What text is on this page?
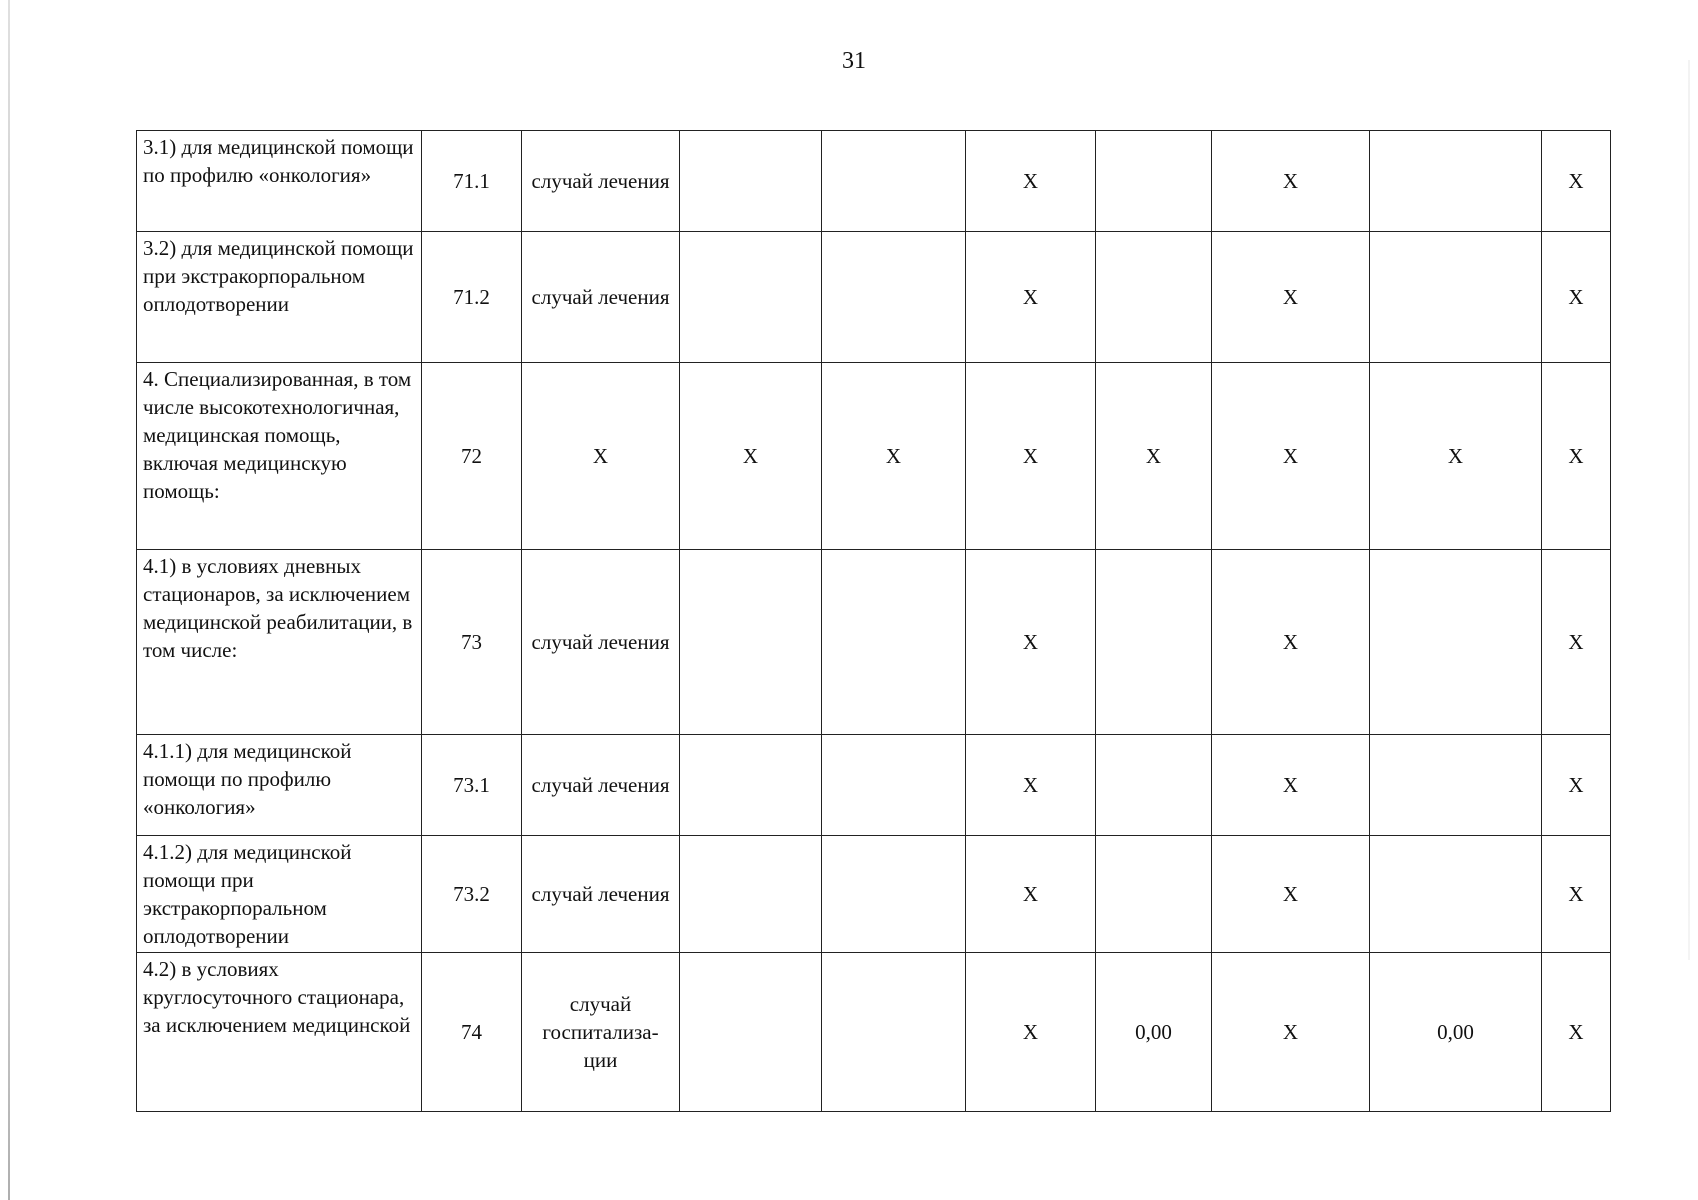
31
3.1) для медицинской помощи по профилю «онкология»	71.1	случай лечения			Х		Х		Х
3.2) для медицинской помощи при экстракорпоральном оплодотворении	71.2	случай лечения			Х		Х		Х
4. Специализированная, в том числе высокотехнологичная, медицинская помощь, включая медицинскую помощь:	72	Х	Х	Х	Х	Х	Х	Х	Х
4.1) в условиях дневных стационаров, за исключением медицинской реабилитации, в том числе:	73	случай лечения			Х		Х		Х
4.1.1) для медицинской помощи по профилю «онкология»	73.1	случай лечения			Х		Х		Х
4.1.2) для медицинской помощи при экстракорпоральном оплодотворении	73.2	случай лечения			Х		Х		Х
4.2) в условиях круглосуточного стационара, за исключением медицинской	74	случай госпитализа-ции			Х	0,00	Х	0,00	Х
